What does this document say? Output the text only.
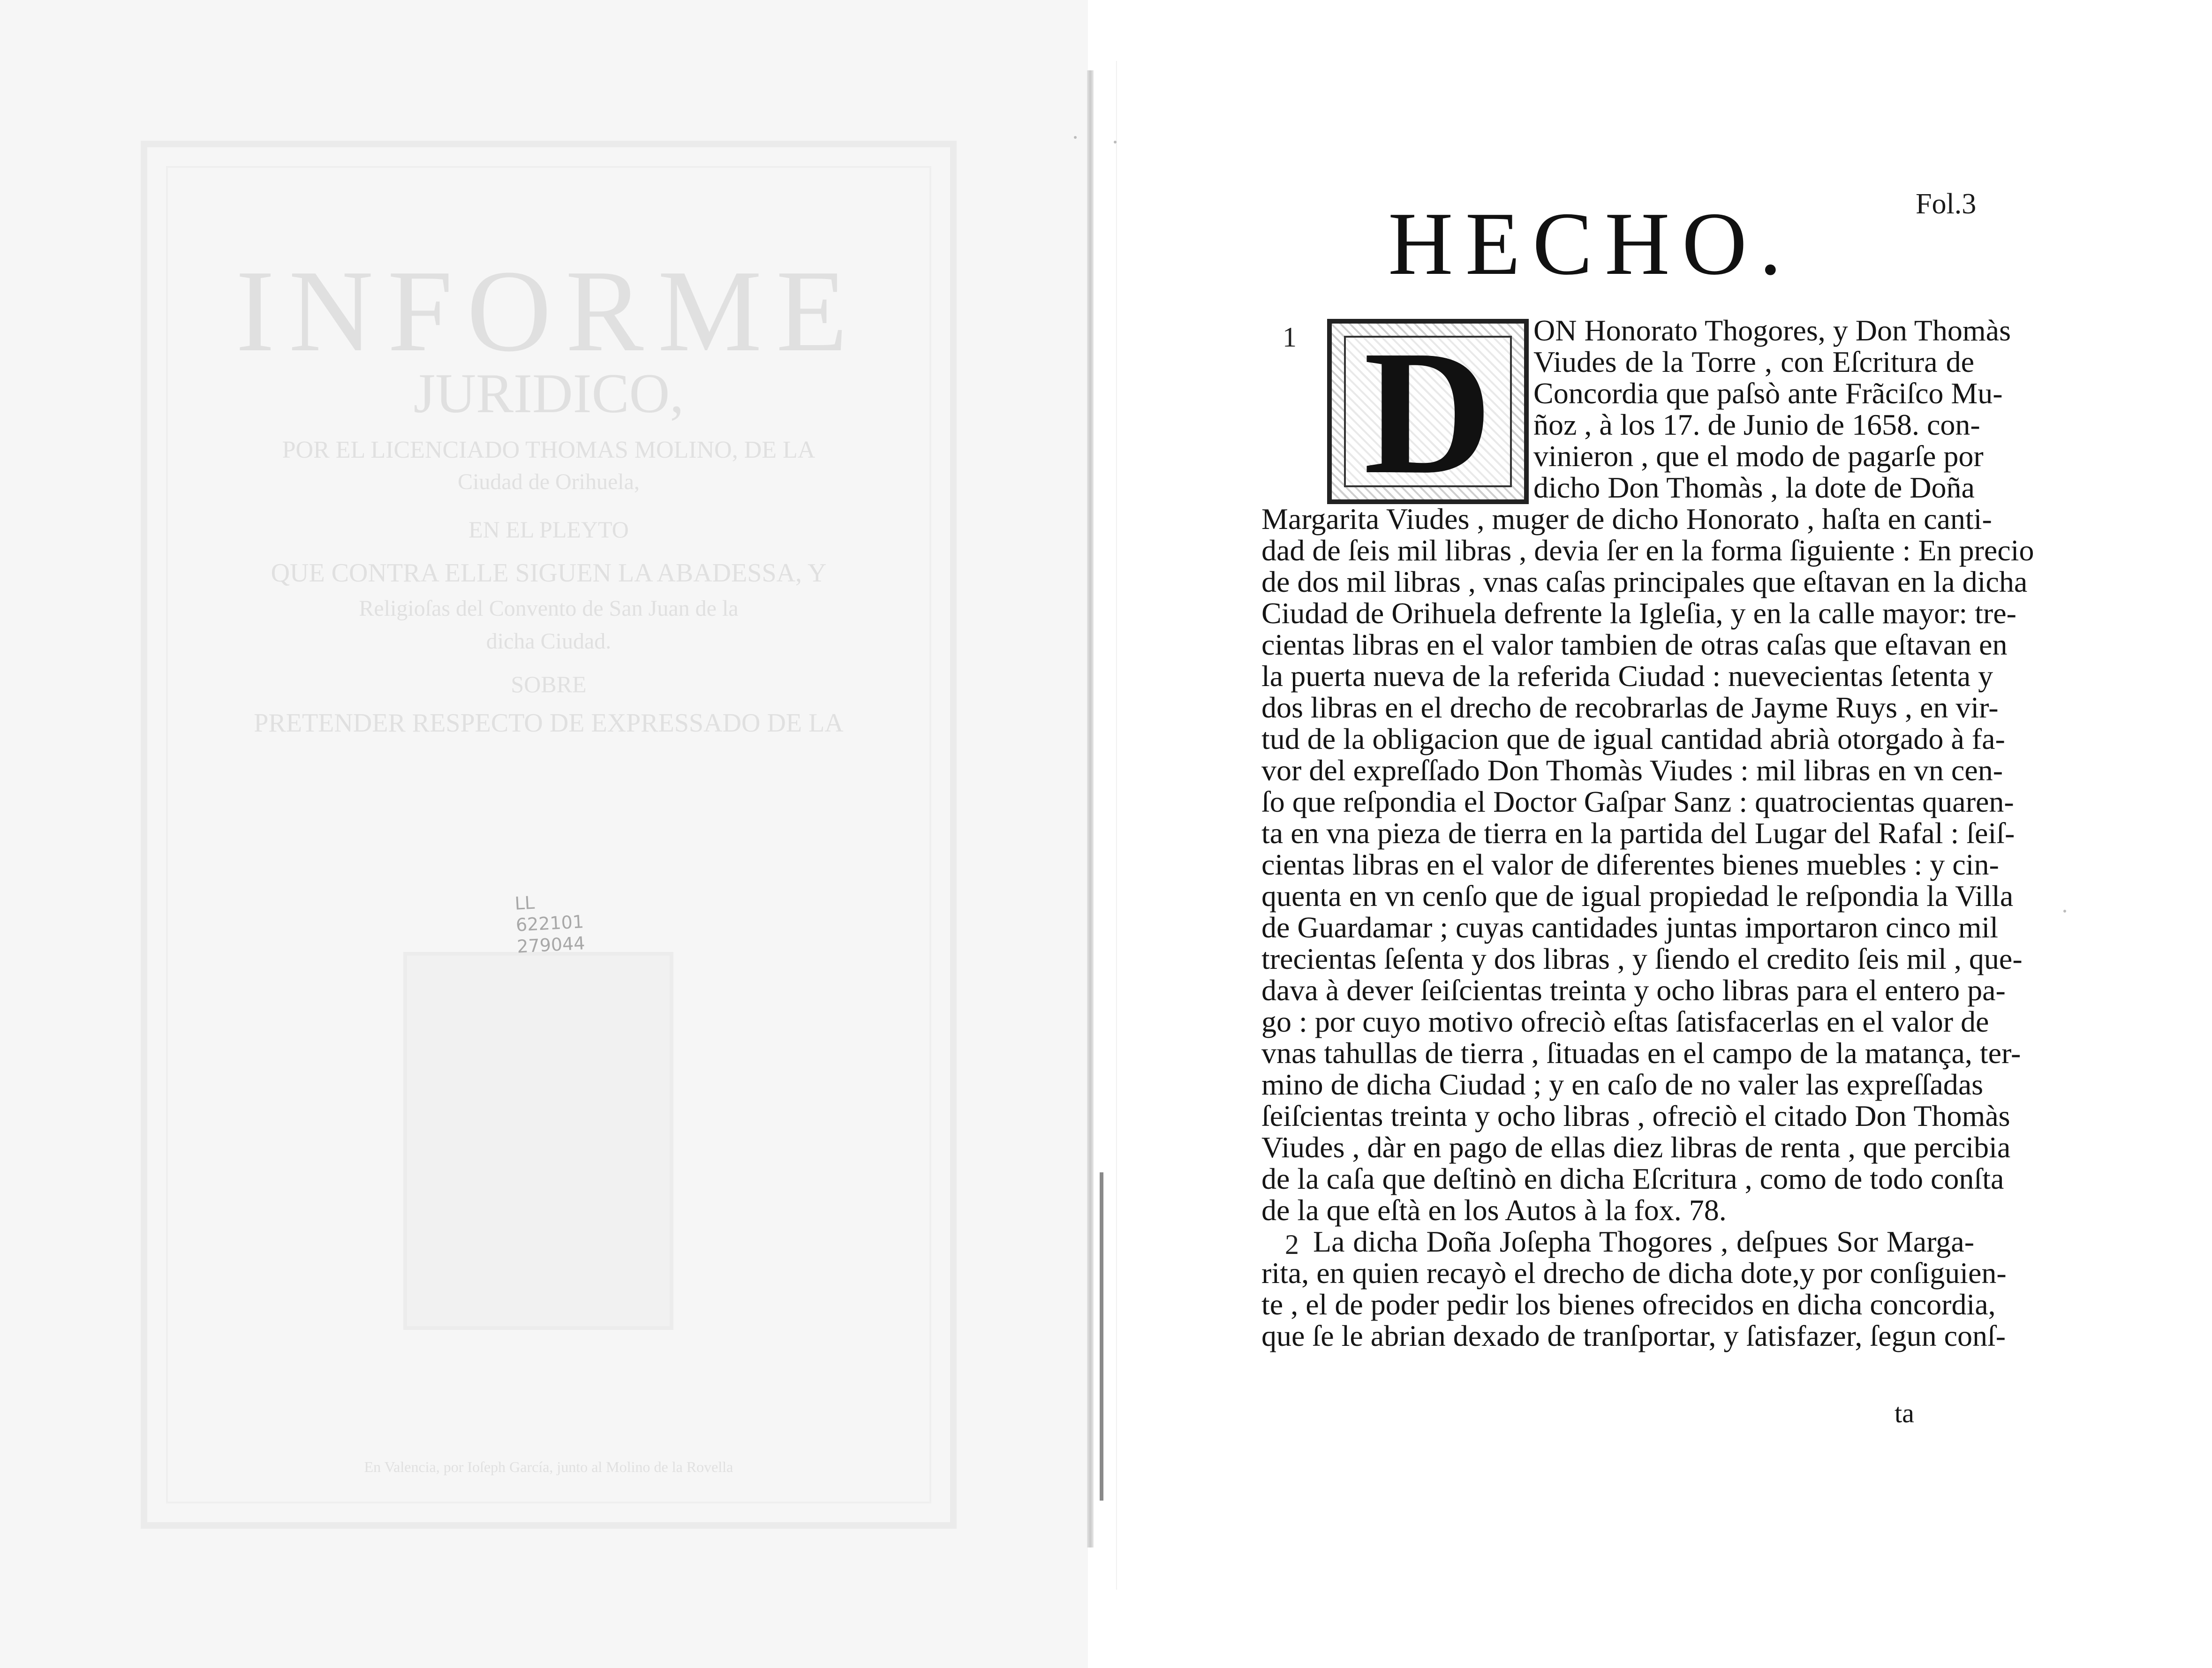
INFORME
JURIDICO,
POR EL LICENCIADO THOMAS MOLINO, DE LA
Ciudad de Orihuela,
EN EL PLEYTO
QUE CONTRA ELLE SIGUEN LA ABADESSA, Y
Religioſas del Convento de San Juan de la
dicha Ciudad.
SOBRE
PRETENDER RESPECTO DE EXPRESSADO DE LA
En Valencia, por Ioſeph García, junto al Molino de la Rovella
LL
622101
279044
Fol.3
HECHO.
1 D	ON Honorato Thogores, y Don Thomàs
Viudes de la Torre , con Eſcritura de
Concordia que paſsò ante Frãciſco Mu-
ñoz , à los 17. de Junio de 1658. con-
vinieron , que el modo de pagarſe por
dicho Don Thomàs , la dote de Doña
Margarita Viudes , muger de dicho Honorato , haſta en canti-
dad de ſeis mil libras , devia ſer en la forma ſiguiente : En precio
de dos mil libras , vnas caſas principales que eſtavan en la dicha
Ciudad de Orihuela defrente la Igleſia, y en la calle mayor: tre-
cientas libras en el valor tambien de otras caſas que eſtavan en
la puerta nueva de la referida Ciudad : nuevecientas ſetenta y
dos libras en el drecho de recobrarlas de Jayme Ruys , en vir-
tud de la obligacion que de igual cantidad abrià otorgado à fa-
vor del expreſſado Don Thomàs Viudes : mil libras en vn cen-
ſo que reſpondia el Doctor Gaſpar Sanz : quatrocientas quaren-
ta en vna pieza de tierra en la partida del Lugar del Rafal : ſeiſ-
cientas libras en el valor de diferentes bienes muebles : y cin-
quenta en vn cenſo que de igual propiedad le reſpondia la Villa
de Guardamar ; cuyas cantidades juntas importaron cinco mil
trecientas ſeſenta y dos libras , y ſiendo el credito ſeis mil , que-
dava à dever ſeiſcientas treinta y ocho libras para el entero pa-
go : por cuyo motivo ofreciò eſtas ſatisfacerlas en el valor de
vnas tahullas de tierra , ſituadas en el campo de la matança, ter-
mino de dicha Ciudad ; y en caſo de no valer las expreſſadas
ſeiſcientas treinta y ocho libras , ofreciò el citado Don Thomàs
Viudes , dàr en pago de ellas diez libras de renta , que percibia
de la caſa que deſtinò en dicha Eſcritura , como de todo conſta
de la que eſtà en los Autos à la fox. 78.
2 La dicha Doña Joſepha Thogores , deſpues Sor Marga-
rita, en quien recayò el drecho de dicha dote,y por conſiguien-
te , el de poder pedir los bienes ofrecidos en dicha concordia,
que ſe le abrian dexado de tranſportar, y ſatisfazer, ſegun conſ-
ta
